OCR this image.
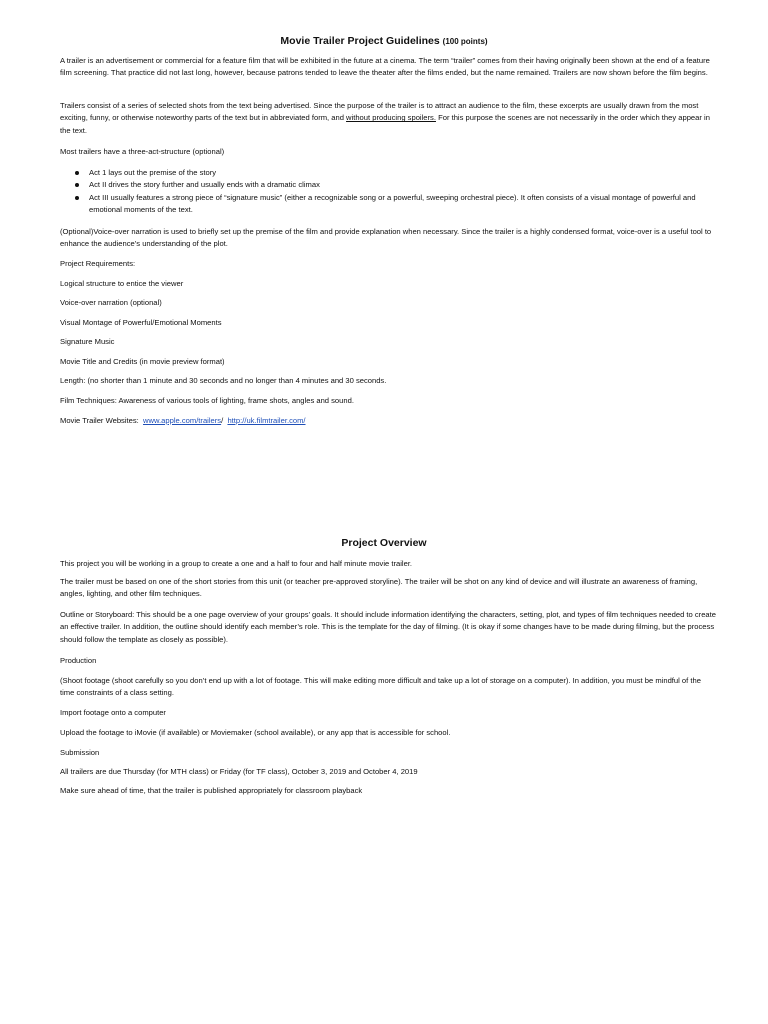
Movie Trailer Project Guidelines (100 points)

A trailer is an advertisement or commercial for a feature film that will be exhibited in the future at a cinema. The term “trailer” comes from their having originally been shown at the end of a feature film screening. That practice did not last long, however, because patrons tended to leave the theater after the films ended, but the name remained. Trailers are now shown before the film begins.

Trailers consist of a series of selected shots from the text being advertised. Since the purpose of the trailer is to attract an audience to the film, these excerpts are usually drawn from the most exciting, funny, or otherwise noteworthy parts of the text but in abbreviated form, and without producing spoilers. For this purpose the scenes are not necessarily in the order which they appear in the text.

Most trailers have a three-act-structure (optional)

Act 1 lays out the premise of the story
Act II drives the story further and usually ends with a dramatic climax
Act III usually features a strong piece of “signature music” (either a recognizable song or a powerful, sweeping orchestral piece). It often consists of a visual montage of powerful and emotional moments of the text.

(Optional)Voice-over narration is used to briefly set up the premise of the film and provide explanation when necessary. Since the trailer is a highly condensed format, voice-over is a useful tool to enhance the audience’s understanding of the plot.

Project Requirements:

Logical structure to entice the viewer

Voice-over narration (optional)

Visual Montage of Powerful/Emotional Moments

Signature Music

Movie Title and Credits (in movie preview format)

Length: (no shorter than 1 minute and 30 seconds and no longer than 4 minutes and 30 seconds.

Film Techniques: Awareness of various tools of lighting, frame shots, angles and sound.

Movie Trailer Websites: www.apple.com/trailers/ http://uk.filmtrailer.com/

Project Overview

This project you will be working in a group to create a one and a half to four and half minute movie trailer.

The trailer must be based on one of the short stories from this unit (or teacher pre-approved storyline). The trailer will be shot on any kind of device and will illustrate an awareness of framing, angles, lighting, and other film techniques.

Outline or Storyboard: This should be a one page overview of your groups’ goals. It should include information identifying the characters, setting, plot, and types of film techniques needed to create an effective trailer. In addition, the outline should identify each member’s role. This is the template for the day of filming. (It is okay if some changes have to be made during filming, but the process should follow the template as closely as possible).

Production

(Shoot footage (shoot carefully so you don’t end up with a lot of footage. This will make editing more difficult and take up a lot of storage on a computer). In addition, you must be mindful of the time constraints of a class setting.

Import footage onto a computer

Upload the footage to iMovie (if available) or Moviemaker (school available), or any app that is accessible for school.

Submission

All trailers are due Thursday (for MTH class) or Friday (for TF class), October 3, 2019 and October 4, 2019

Make sure ahead of time, that the trailer is published appropriately for classroom playback
